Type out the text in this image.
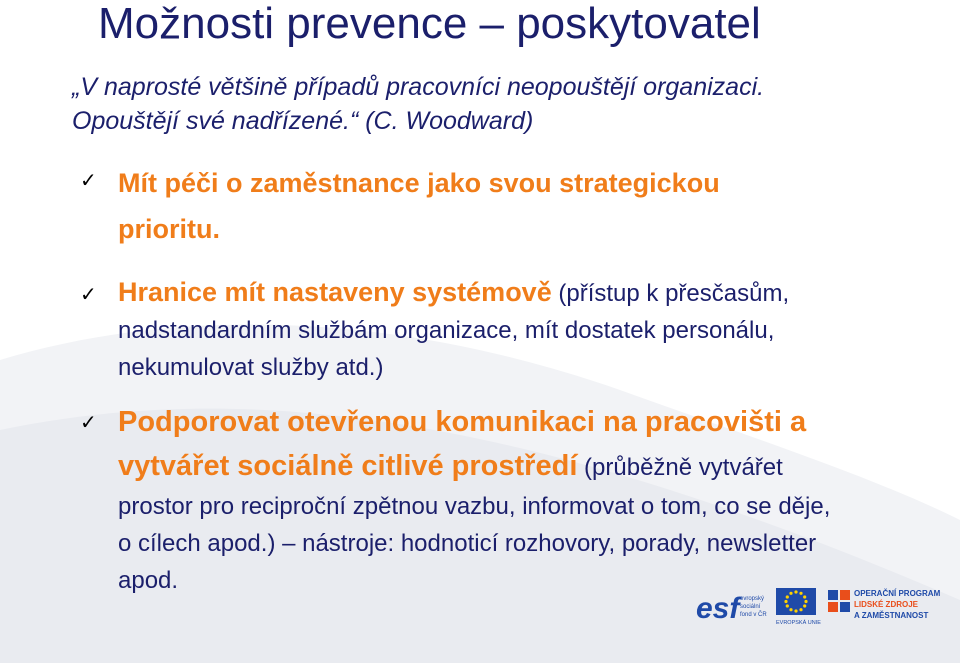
Možnosti prevence – poskytovatel
„V naprosté většině případů pracovníci neopouštějí organizaci. Opouštějí své nadřízené.“ (C. Woodward)
✓ Mít péči o zaměstnance jako svou strategickou prioritu.
✓ Hranice mít nastaveny systémově (přístup k přesčasům, nadstandardním službám organizace, mít dostatek personálu, nekumulovat služby atd.)
✓ Podporovat otevřenou komunikaci na pracovišti a vytvářet sociálně citlivé prostředí (průběžně vytvářet prostor pro reciproční zpětnou vazbu, informovat o tom, co se děje, o cílech apod.) – nástroje: hodnoticí rozhovory, porady, newsletter apod.
esf evropský
sociální
fond v ČR
EVROPSKÁ UNIE
OPERAČNÍ PROGRAM
LIDSKÉ ZDROJE
A ZAMĚSTNANOST
